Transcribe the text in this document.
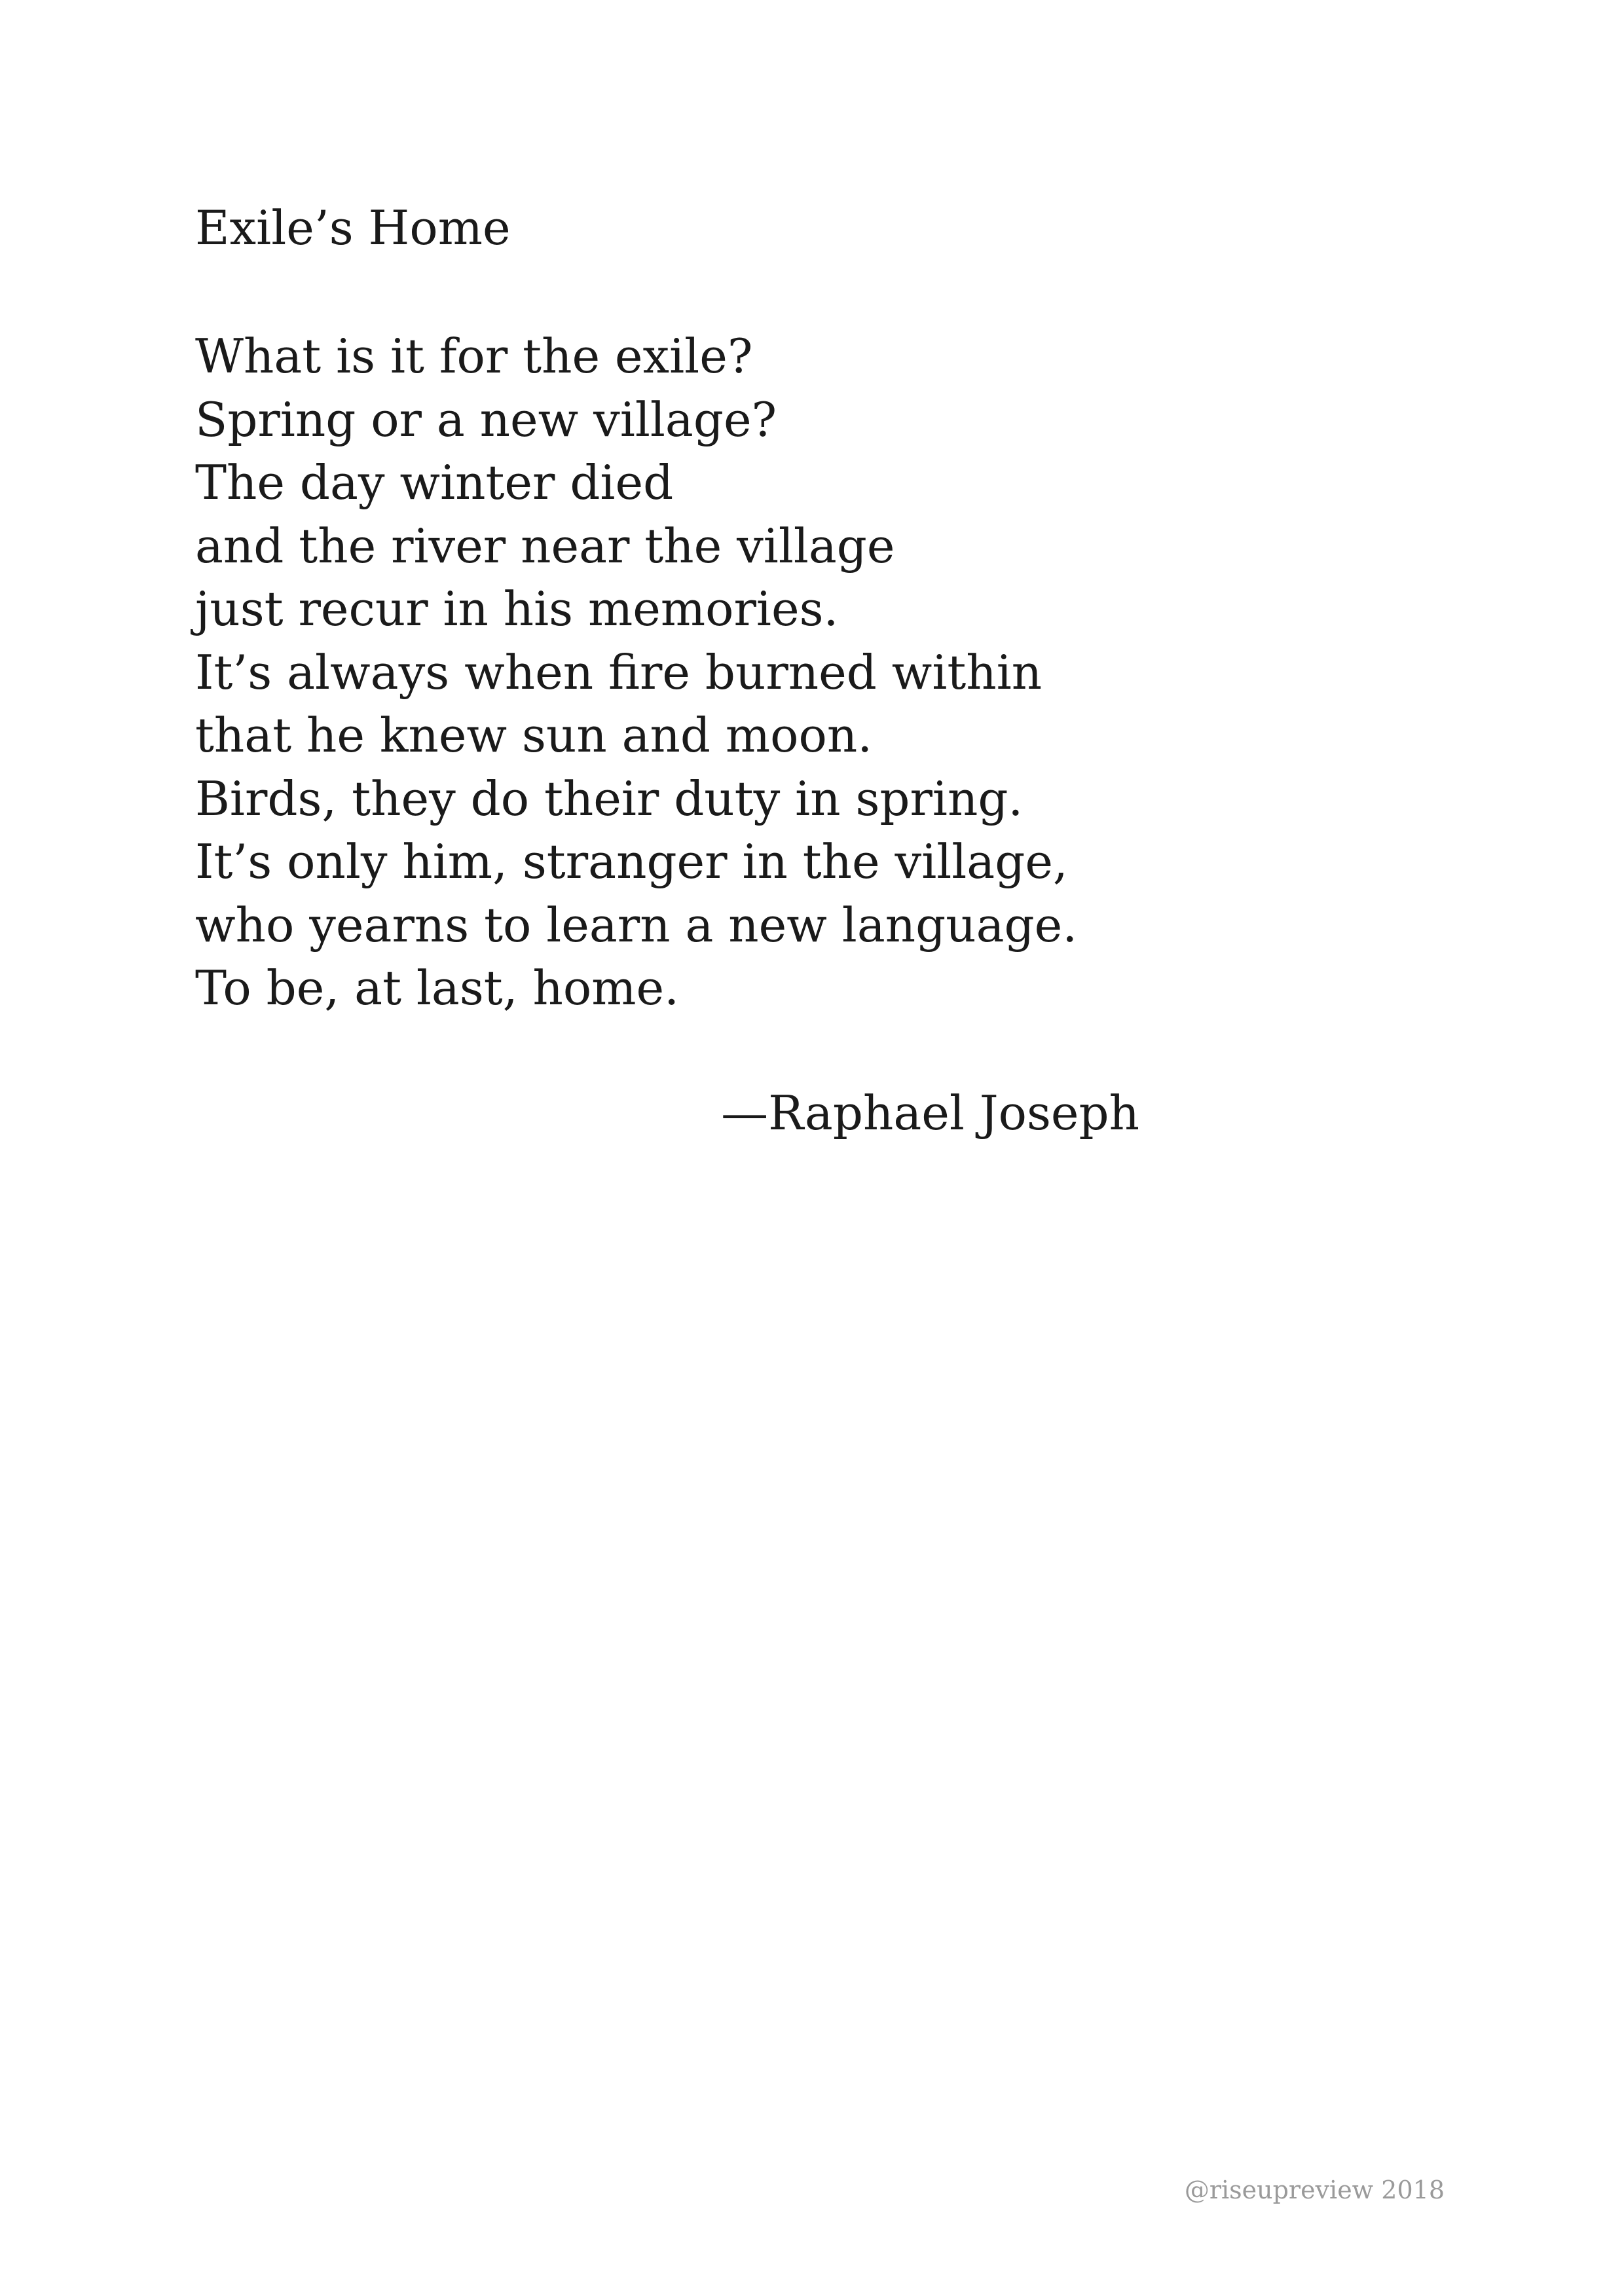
Exile’s Home
What is it for the exile?
Spring or a new village?
The day winter died
and the river near the village
just recur in his memories.
It’s always when fire burned within
that he knew sun and moon.
Birds, they do their duty in spring.
It’s only him, stranger in the village,
who yearns to learn a new language.
To be, at last, home.

—Raphael Joseph

@riseupreview 2018
